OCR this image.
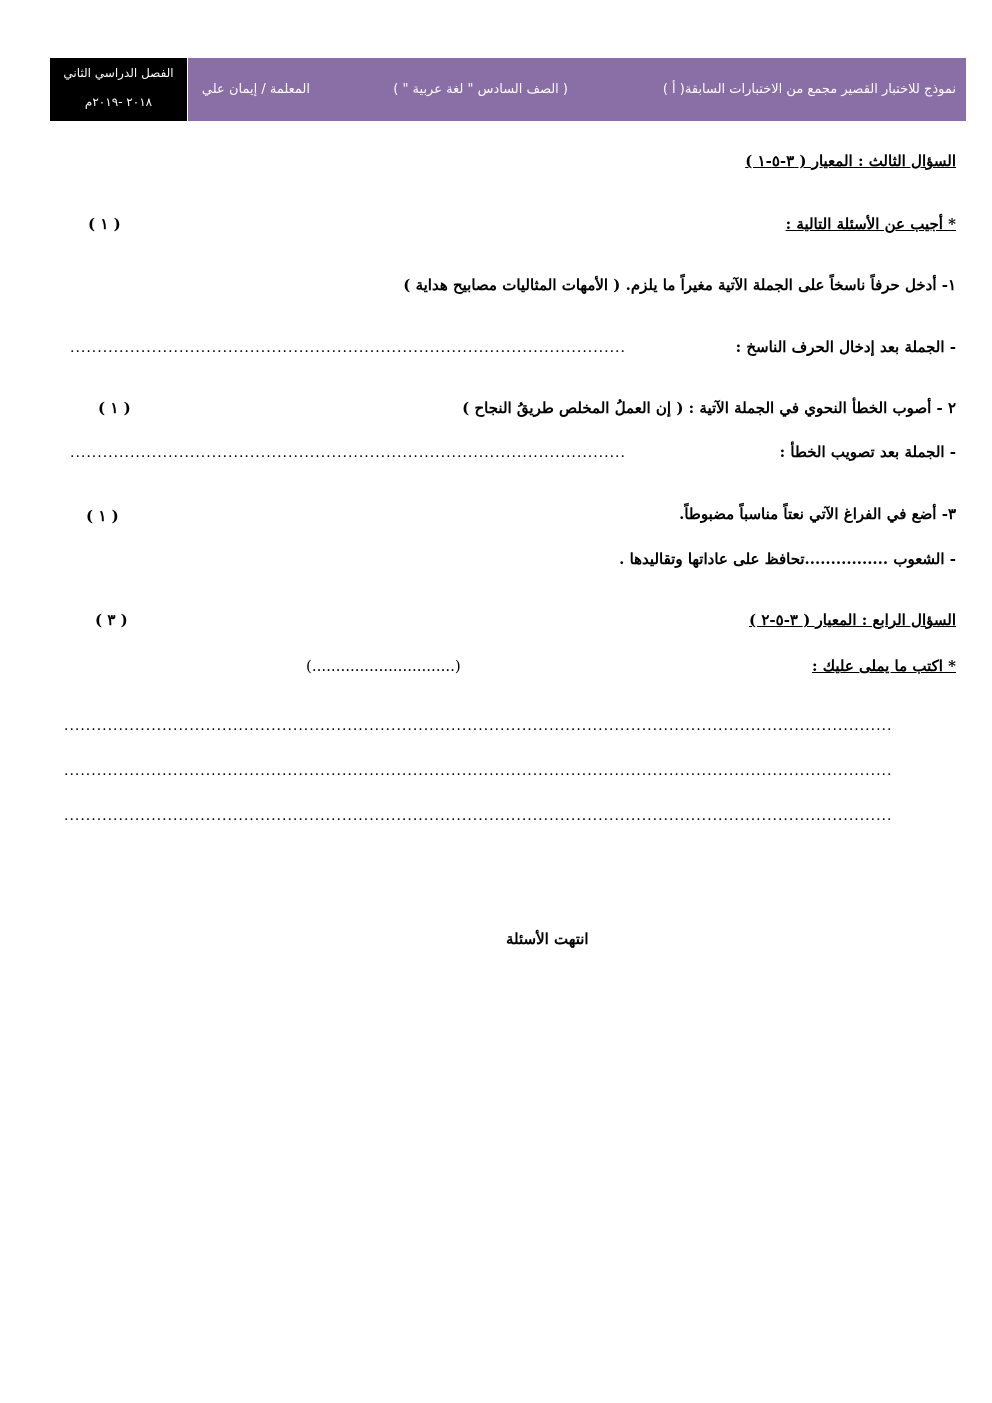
نموذج للاختبار القصير مجمع من الاختبارات السابقة( أ )
( الصف السادس " لغة عربية " )
المعلمة / إيمان علي
الفصل الدراسي الثاني
٢٠١٨ -٢٠١٩م
السؤال الثالث : المعيار ( ٣-٥-١ )
* أجيب عن الأسئلة التالية :
( ١ )
١- أدخل حرفاً ناسخاً على الجملة الآتية مغيراً ما يلزم. ( الأمهات المثاليات مصابيح هداية )
- الجملة بعد إدخال الحرف الناسخ :
......................................................................................................
٢ - أصوب الخطأ النحوي في الجملة الآتية : ( إن العملُ المخلص طريقُ النجاح )
( ١ )
- الجملة بعد تصويب الخطأ :
......................................................................................................
٣- أضع في الفراغ الآتي نعتاً مناسباً مضبوطاً.
( ١ )
- الشعوب ................تحافظ على عاداتها وتقاليدها .
السؤال الرابع : المعيار ( ٣-٥-٢ )
( ٣ )
* اكتب ما يملى عليك :
(..............................)
........................................................................................................................................................
........................................................................................................................................................
........................................................................................................................................................
انتهت الأسئلة
